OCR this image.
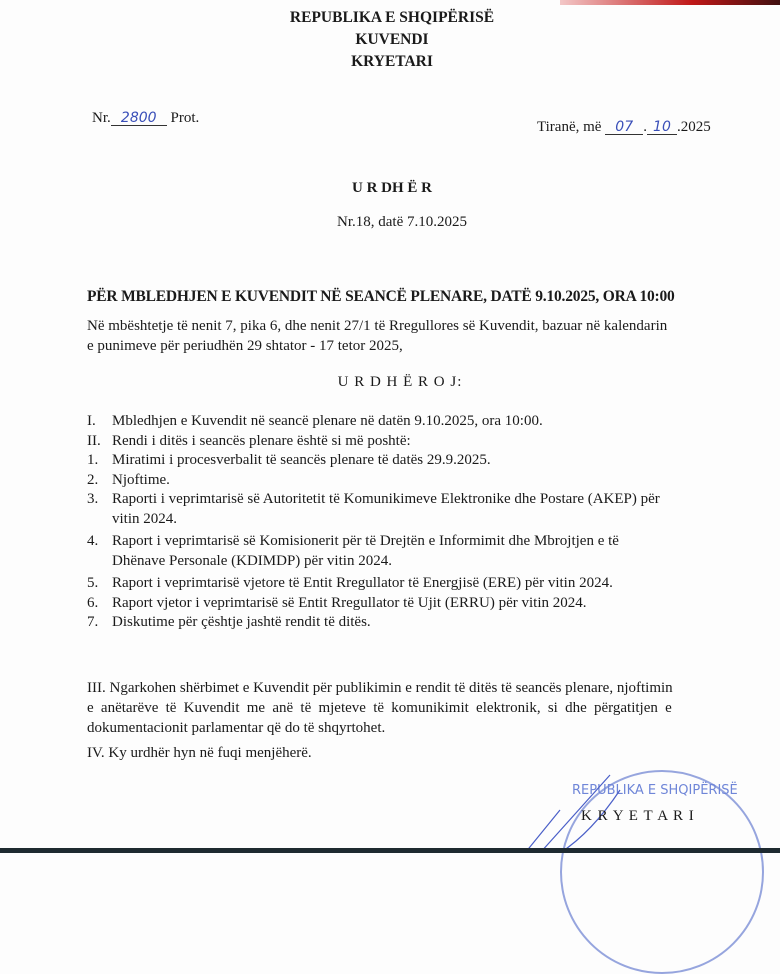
REPUBLIKA E SHQIPËRISË
KUVENDI
KRYETARI
Nr. 2800 Prot.
Tiranë, më 07 . 10 .2025
U R DH Ë R
Nr.18, datë 7.10.2025
PËR MBLEDHJEN E KUVENDIT NË SEANCË PLENARE, DATË 9.10.2025, ORA 10:00
Në mbështetje të nenit 7, pika 6, dhe nenit 27/1 të Rregullores së Kuvendit, bazuar në kalendarin
e punimeve për periudhën 29 shtator - 17 tetor 2025,
U R D H Ë R O J:
I. Mbledhjen e Kuvendit në seancë plenare në datën 9.10.2025, ora 10:00.
II. Rendi i ditës i seancës plenare është si më poshtë:
1. Miratimi i procesverbalit të seancës plenare të datës 29.9.2025.
2. Njoftime.
3. Raporti i veprimtarisë së Autoritetit të Komunikimeve Elektronike dhe Postare (AKEP) për
vitin 2024.
4. Raport i veprimtarisë së Komisionerit për të Drejtën e Informimit dhe Mbrojtjen e të
Dhënave Personale (KDIMDP) për vitin 2024.
5. Raport i veprimtarisë vjetore të Entit Rregullator të Energjisë (ERE) për vitin 2024.
6. Raport vjetor i veprimtarisë së Entit Rregullator të Ujit (ERRU) për vitin 2024.
7. Diskutime për çështje jashtë rendit të ditës.
III. Ngarkohen shërbimet e Kuvendit për publikimin e rendit të ditës të seancës plenare, njoftimin
e anëtarëve të Kuvendit me anë të mjeteve të komunikimit elektronik, si dhe përgatitjen e
dokumentacionit parlamentar që do të shqyrtohet.
IV. Ky urdhër hyn në fuqi menjëherë.
REPUBLIKA E SHQIPËRISË
K R Y E T A R I
